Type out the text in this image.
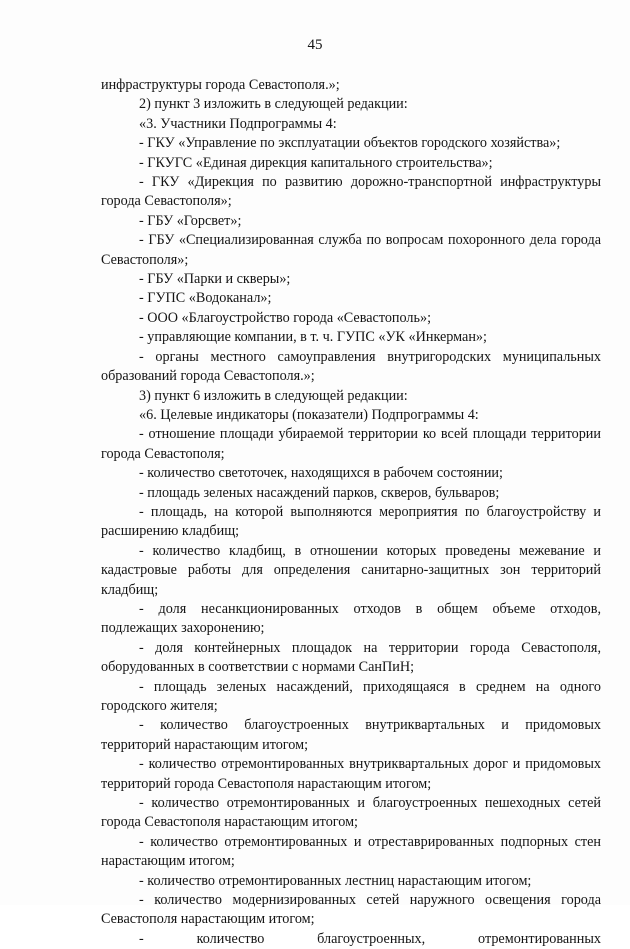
45

инфраструктуры города Севастополя.»;

2) пункт 3 изложить в следующей редакции:

«3. Участники Подпрограммы 4:

- ГКУ «Управление по эксплуатации объектов городского хозяйства»;

- ГКУГС «Единая дирекция капитального строительства»;

- ГКУ «Дирекция по развитию дорожно-транспортной инфраструктуры города Севастополя»;

- ГБУ «Горсвет»;

- ГБУ «Специализированная служба по вопросам похоронного дела города Севастополя»;

- ГБУ «Парки и скверы»;

- ГУПС «Водоканал»;

- ООО «Благоустройство города «Севастополь»;

- управляющие компании, в т. ч. ГУПС «УК «Инкерман»;

- органы местного самоуправления внутригородских муниципальных образований города Севастополя.»;

3) пункт 6 изложить в следующей редакции:

«6. Целевые индикаторы (показатели) Подпрограммы 4:

- отношение площади убираемой территории ко всей площади территории города Севастополя;

- количество светоточек, находящихся в рабочем состоянии;

- площадь зеленых насаждений парков, скверов, бульваров;

- площадь, на которой выполняются мероприятия по благоустройству и расширению кладбищ;

- количество кладбищ, в отношении которых проведены межевание и кадастровые работы для определения санитарно-защитных зон территорий кладбищ;

- доля несанкционированных отходов в общем объеме отходов, подлежащих захоронению;

- доля контейнерных площадок на территории города Севастополя, оборудованных в соответствии с нормами СанПиН;

- площадь зеленых насаждений, приходящаяся в среднем на одного городского жителя;

- количество благоустроенных внутриквартальных и придомовых территорий нарастающим итогом;

- количество отремонтированных внутриквартальных дорог и придомовых территорий города Севастополя нарастающим итогом;

- количество отремонтированных и благоустроенных пешеходных сетей города Севастополя нарастающим итогом;

- количество отремонтированных и отреставрированных подпорных стен нарастающим итогом;

- количество отремонтированных лестниц нарастающим итогом;

- количество модернизированных сетей наружного освещения города Севастополя нарастающим итогом;

- количество благоустроенных, отремонтированных
